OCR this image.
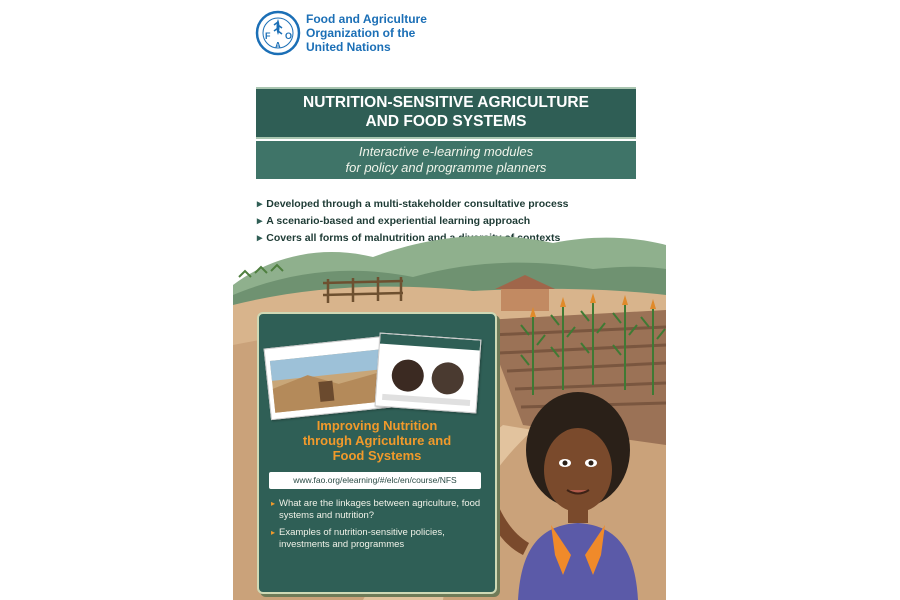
F O
A
Food and Agriculture
Organization of the
United Nations
NUTRITION-SENSITIVE AGRICULTURE
AND FOOD SYSTEMS
Interactive e-learning modules
for policy and programme planners
▸ Developed through a multi-stakeholder consultative process
▸ A scenario-based and experiential learning approach
▸ Covers all forms of malnutrition and a diversity of contexts
Improving Nutrition
through Agriculture and
Food Systems
www.fao.org/elearning/#/elc/en/course/NFS
▸ What are the linkages between agriculture, food systems and nutrition?
▸ Examples of nutrition-sensitive policies, investments and programmes
